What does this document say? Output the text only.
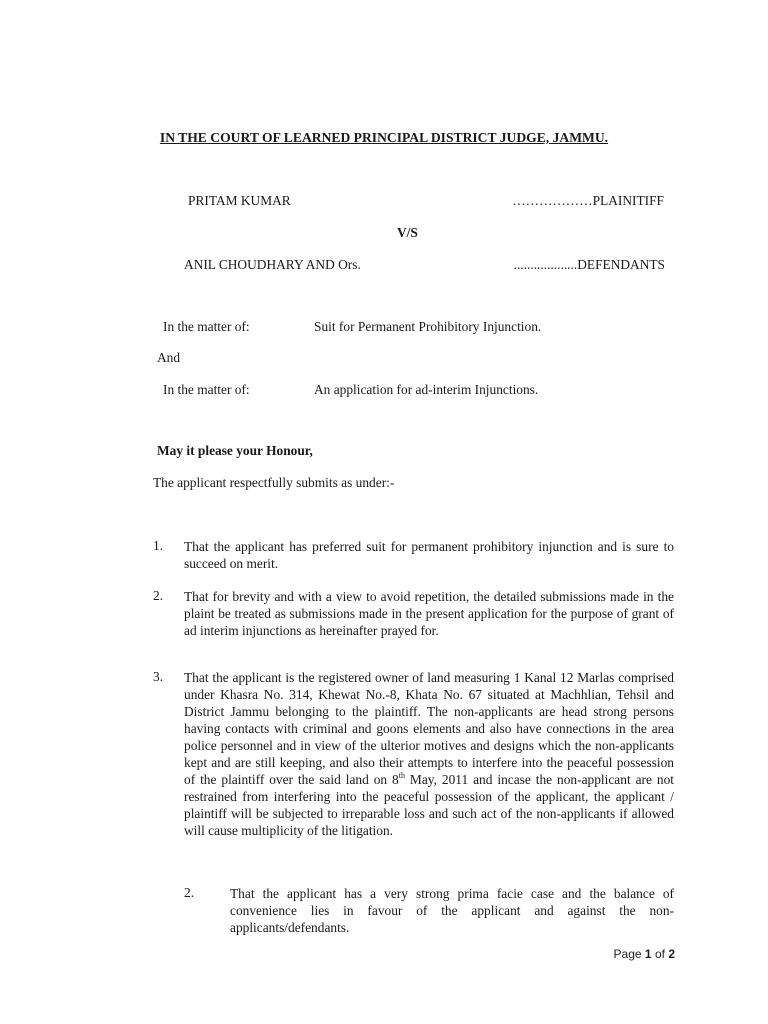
IN THE COURT OF LEARNED PRINCIPAL DISTRICT JUDGE, JAMMU.
PRITAM KUMAR	………………PLAINITIFF
V/S
ANIL CHOUDHARY AND Ors.	...................DEFENDANTS
In the matter of:	Suit for Permanent Prohibitory Injunction.
And
In the matter of:	An application for ad-interim Injunctions.
May it please your Honour,
The applicant respectfully submits as under:-
1. That the applicant has preferred suit for permanent prohibitory injunction and is sure to succeed on merit.
2. That for brevity and with a view to avoid repetition, the detailed submissions made in the plaint be treated as submissions made in the present application for the purpose of grant of ad interim injunctions as hereinafter prayed for.
3. That the applicant is the registered owner of land measuring 1 Kanal 12 Marlas comprised under Khasra No. 314, Khewat No.-8, Khata No. 67 situated at Machhlian, Tehsil and District Jammu belonging to the plaintiff. The non-applicants are head strong persons having contacts with criminal and goons elements and also have connections in the area police personnel and in view of the ulterior motives and designs which the non-applicants kept and are still keeping, and also their attempts to interfere into the peaceful possession of the plaintiff over the said land on 8th May, 2011 and incase the non-applicant are not restrained from interfering into the peaceful possession of the applicant, the applicant / plaintiff will be subjected to irreparable loss and such act of the non-applicants if allowed will cause multiplicity of the litigation.
2.	That the applicant has a very strong prima facie case and the balance of convenience lies in favour of the applicant and against the non-applicants/defendants.
Page 1 of 2
